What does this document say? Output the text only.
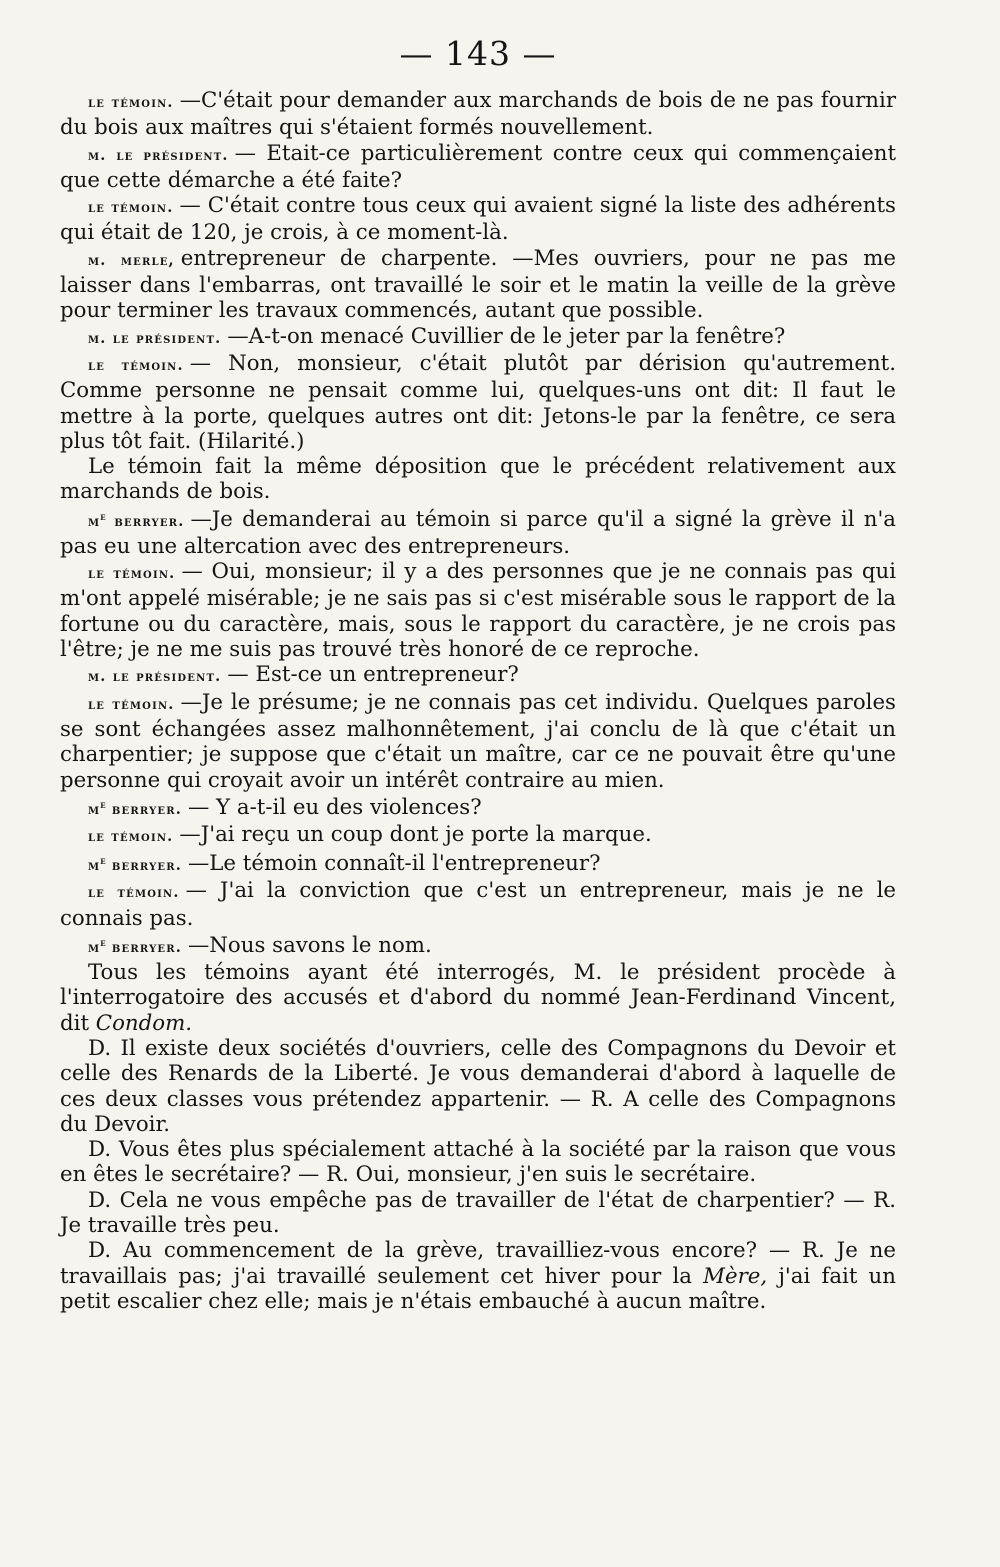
— 143 —

le témoin. —C'était pour demander aux marchands de bois de ne pas fournir du bois aux maîtres qui s'étaient formés nouvellement.

m. le président. — Etait-ce particulièrement contre ceux qui commençaient que cette démarche a été faite?

le témoin. — C'était contre tous ceux qui avaient signé la liste des adhérents qui était de 120, je crois, à ce moment-là.

m. merle, entrepreneur de charpente. —Mes ouvriers, pour ne pas me laisser dans l'embarras, ont travaillé le soir et le matin la veille de la grève pour terminer les travaux commencés, autant que possible.

m. le président. —A-t-on menacé Cuvillier de le jeter par la fenêtre?

le témoin. — Non, monsieur, c'était plutôt par dérision qu'autrement. Comme personne ne pensait comme lui, quelques-uns ont dit: Il faut le mettre à la porte, quelques autres ont dit: Jetons-le par la fenêtre, ce sera plus tôt fait. (Hilarité.)

Le témoin fait la même déposition que le précédent relativement aux marchands de bois.

$m^e$ berryer. —Je demanderai au témoin si parce qu'il a signé la grève il n'a pas eu une altercation avec des entrepreneurs.

le témoin. — Oui, monsieur; il y a des personnes que je ne connais pas qui m'ont appelé misérable; je ne sais pas si c'est misérable sous le rapport de la fortune ou du caractère, mais, sous le rapport du caractère, je ne crois pas l'être; je ne me suis pas trouvé très honoré de ce reproche.

m. le président. — Est-ce un entrepreneur?

le témoin. —Je le présume; je ne connais pas cet individu. Quelques paroles se sont échangées assez malhonnêtement, j'ai conclu de là que c'était un charpentier; je suppose que c'était un maître, car ce ne pouvait être qu'une personne qui croyait avoir un intérêt contraire au mien.

$m^e$ berryer. — Y a-t-il eu des violences?

le témoin. —J'ai reçu un coup dont je porte la marque.

$m^e$ berryer. —Le témoin connaît-il l'entrepreneur?

le témoin. — J'ai la conviction que c'est un entrepreneur, mais je ne le connais pas.

$m^e$ berryer. —Nous savons le nom.

Tous les témoins ayant été interrogés, M. le président procède à l'interrogatoire des accusés et d'abord du nommé Jean-Ferdinand Vincent, dit Condom.

D. Il existe deux sociétés d'ouvriers, celle des Compagnons du Devoir et celle des Renards de la Liberté. Je vous demanderai d'abord à laquelle de ces deux classes vous prétendez appartenir. — R. A celle des Compagnons du Devoir.

D. Vous êtes plus spécialement attaché à la société par la raison que vous en êtes le secrétaire? — R. Oui, monsieur, j'en suis le secrétaire.

D. Cela ne vous empêche pas de travailler de l'état de charpentier? — R. Je travaille très peu.

D. Au commencement de la grève, travailliez-vous encore? — R. Je ne travaillais pas; j'ai travaillé seulement cet hiver pour la Mère, j'ai fait un petit escalier chez elle; mais je n'étais embauché à aucun maître.
